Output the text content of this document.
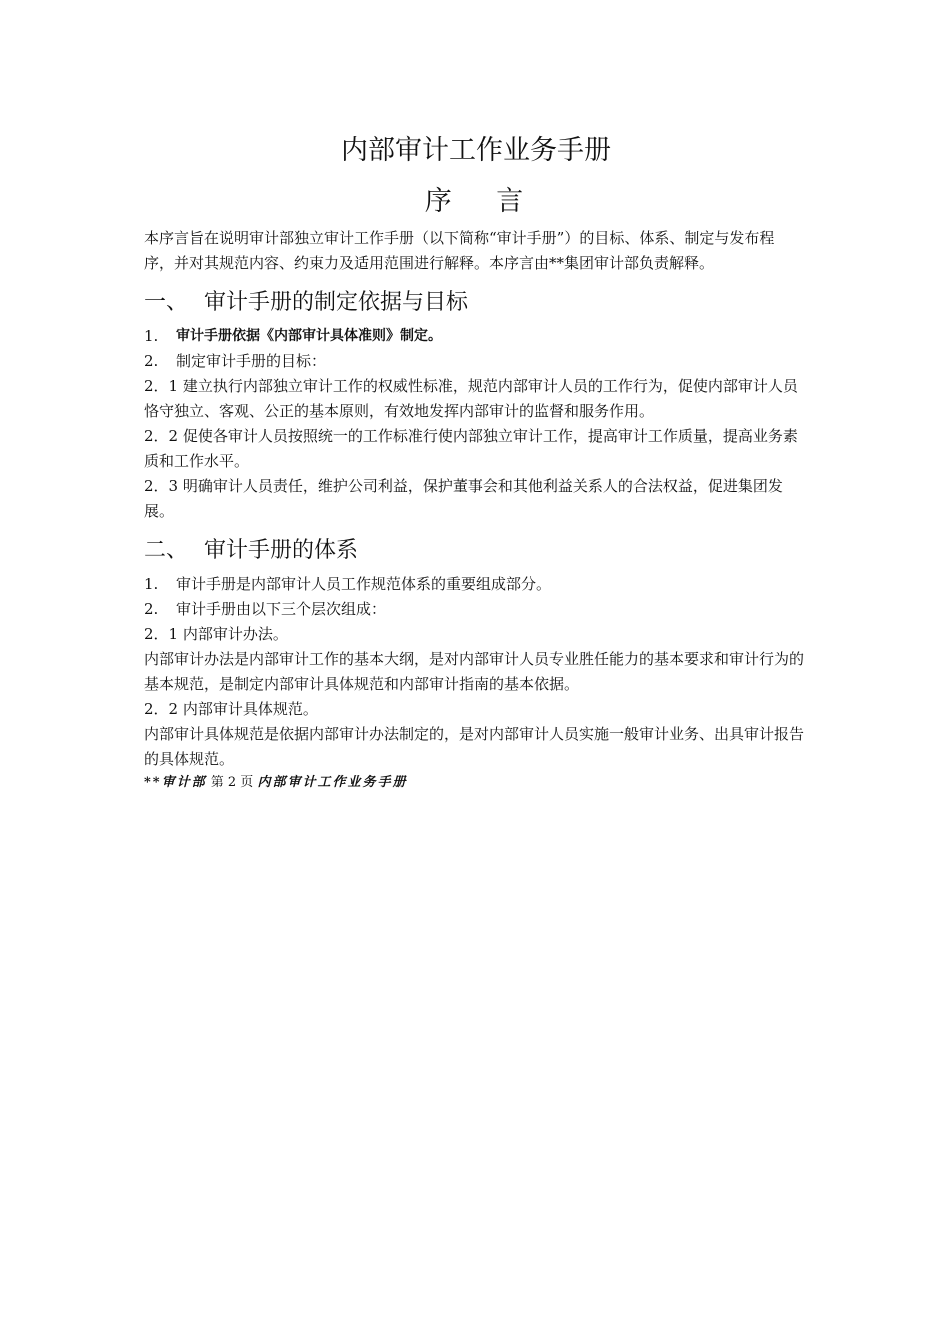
内部审计工作业务手册
序 言

本序言旨在说明审计部独立审计工作手册（以下简称“审计手册”）的目标、体系、制定与发布程序，并对其规范内容、约束力及适用范围进行解释。本序言由**集团审计部负责解释。

一、 审计手册的制定依据与目标
1.	审计手册依据《内部审计具体准则》制定。
2.	制定审计手册的目标：

2．1 建立执行内部独立审计工作的权威性标准，规范内部审计人员的工作行为，促使内部审计人员恪守独立、客观、公正的基本原则，有效地发挥内部审计的监督和服务作用。

2．2 促使各审计人员按照统一的工作标准行使内部独立审计工作，提高审计工作质量，提高业务素质和工作水平。

2．3 明确审计人员责任，维护公司利益，保护董事会和其他利益关系人的合法权益，促进集团发展。

二、 审计手册的体系
1.	审计手册是内部审计人员工作规范体系的重要组成部分。
2.	审计手册由以下三个层次组成：

2．1 内部审计办法。

内部审计办法是内部审计工作的基本大纲，是对内部审计人员专业胜任能力的基本要求和审计行为的基本规范，是制定内部审计具体规范和内部审计指南的基本依据。

2．2 内部审计具体规范。

内部审计具体规范是依据内部审计办法制定的，是对内部审计人员实施一般审计业务、出具审计报告的具体规范。

**审计部 第 2 页 内部审计工作业务手册
